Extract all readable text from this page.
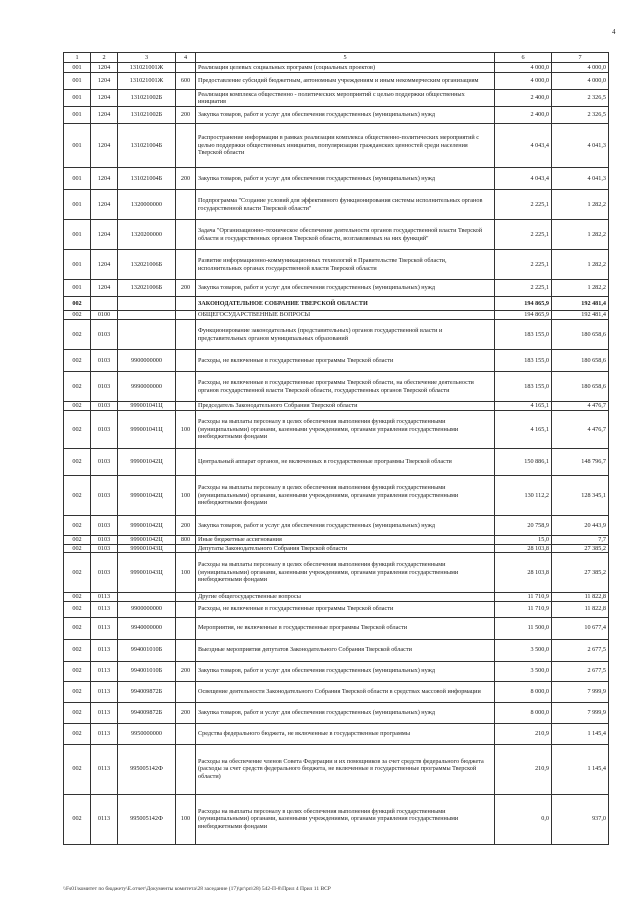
4
1	2	3	4	5	6	7
001	1204	131021001Ж		Реализация целевых социальных программ (социальных проектов)	4 000,0	4 000,0
001	1204	131021001Ж	600	Предоставление субсидий бюджетным, автономным учреждениям и иным некоммерческим организациям	4 000,0	4 000,0
001	1204	131021002Б		Реализация комплекса общественно - политических мероприятий с целью поддержки общественных инициатив	2 400,0	2 326,5
001	1204	131021002Б	200	Закупка товаров, работ и услуг для обеспечения государственных (муниципальных) нужд	2 400,0	2 326,5
001	1204	131021004Б		Распространение информации в рамках реализации комплекса общественно-политических мероприятий с целью поддержки общественных инициатив, популяризации гражданских ценностей среди населения Тверской области	4 043,4	4 041,3
001	1204	131021004Б	200	Закупка товаров, работ и услуг для обеспечения государственных (муниципальных) нужд	4 043,4	4 041,3
001	1204	1320000000		Подпрограмма "Создание условий для эффективного функционирования системы исполнительных органов государственной власти Тверской области"	2 225,1	1 282,2
001	1204	1320200000		Задача "Организационно-техническое обеспечение деятельности органов государственной власти Тверской области и государственных органов Тверской области, возглавляемых на них функций"	2 225,1	1 282,2
001	1204	132021006Б		Развитие информационно-коммуникационных технологий в Правительстве Тверской области, исполнительных органах государственной власти Тверской области	2 225,1	1 282,2
001	1204	132021006Б	200	Закупка товаров, работ и услуг для обеспечения государственных (муниципальных) нужд	2 225,1	1 282,2
002				ЗАКОНОДАТЕЛЬНОЕ СОБРАНИЕ ТВЕРСКОЙ ОБЛАСТИ	194 865,9	192 481,4
002	0100			ОБЩЕГОСУДАРСТВЕННЫЕ ВОПРОСЫ	194 865,9	192 481,4
002	0103			Функционирование законодательных (представительных) органов государственной власти и представительных органов муниципальных образований	183 155,0	180 658,6
002	0103	9900000000		Расходы, не включенные в государственные программы Тверской области	183 155,0	180 658,6
002	0103	9990000000		Расходы, не включенные в государственные программы Тверской области, на обеспечение деятельности органов государственной власти Тверской области, государственных органов Тверской области	183 155,0	180 658,6
002	0103	999001041Ц		Председатель Законодательного Собрания Тверской области	4 165,1	4 476,7
002	0103	999001041Ц	100	Расходы на выплаты персоналу в целях обеспечения выполнения функций государственными (муниципальными) органами, казенными учреждениями, органами управления государственными внебюджетными фондами	4 165,1	4 476,7
002	0103	999001042Ц		Центральный аппарат органов, не включенных в государственные программы Тверской области	150 886,1	148 796,7
002	0103	999001042Ц	100	Расходы на выплаты персоналу в целях обеспечения выполнения функций государственными (муниципальными) органами, казенными учреждениями, органами управления государственными внебюджетными фондами	130 112,2	128 345,1
002	0103	999001042Ц	200	Закупка товаров, работ и услуг для обеспечения государственных (муниципальных) нужд	20 758,9	20 443,9
002	0103	999001042Ц	800	Иные бюджетные ассигнования	15,0	7,7
002	0103	999001043Ц		Депутаты Законодательного Собрания Тверской области	28 103,8	27 385,2
002	0103	999001043Ц	100	Расходы на выплаты персоналу в целях обеспечения выполнения функций государственными (муниципальными) органами, казенными учреждениями, органами управления государственными внебюджетными фондами	28 103,8	27 385,2
002	0113			Другие общегосударственные вопросы	11 710,9	11 822,8
002	0113	9900000000		Расходы, не включенные в государственные программы Тверской области	11 710,9	11 822,8
002	0113	9940000000		Мероприятия, не включенные в государственные программы Тверской области	11 500,0	10 677,4
002	0113	994001010Б		Выездные мероприятия депутатов Законодательного Собрания Тверской области	3 500,0	2 677,5
002	0113	994001010Б	200	Закупка товаров, работ и услуг для обеспечения государственных (муниципальных) нужд	3 500,0	2 677,5
002	0113	994009872Б		Освещение деятельности Законодательного Собрания Тверской области в средствах массовой информации	8 000,0	7 999,9
002	0113	994009872Б	200	Закупка товаров, работ и услуг для обеспечения государственных (муниципальных) нужд	8 000,0	7 999,9
002	0113	9950000000		Средства федерального бюджета, не включенные в государственные программы	210,9	1 145,4
002	0113	995005142Ф		Расходы на обеспечение членов Совета Федерации и их помощников за счет средств федерального бюджета (расходы за счет средств федерального бюджета, не включенные в государственные программы Тверской области)	210,9	1 145,4
002	0113	995005142Ф	100	Расходы на выплаты персоналу в целях обеспечения выполнения функций государственными (муниципальными) органами, казенными учреждениями, органами управления государственными внебюджетными фондами	0,0	937,0
\\Fs01\комитет по бюджету\Е.отчет\Документы комитета\28 заседание (17)\рг\рп\28) 542-П-8\Прил 4 Прил 11 ВСР
